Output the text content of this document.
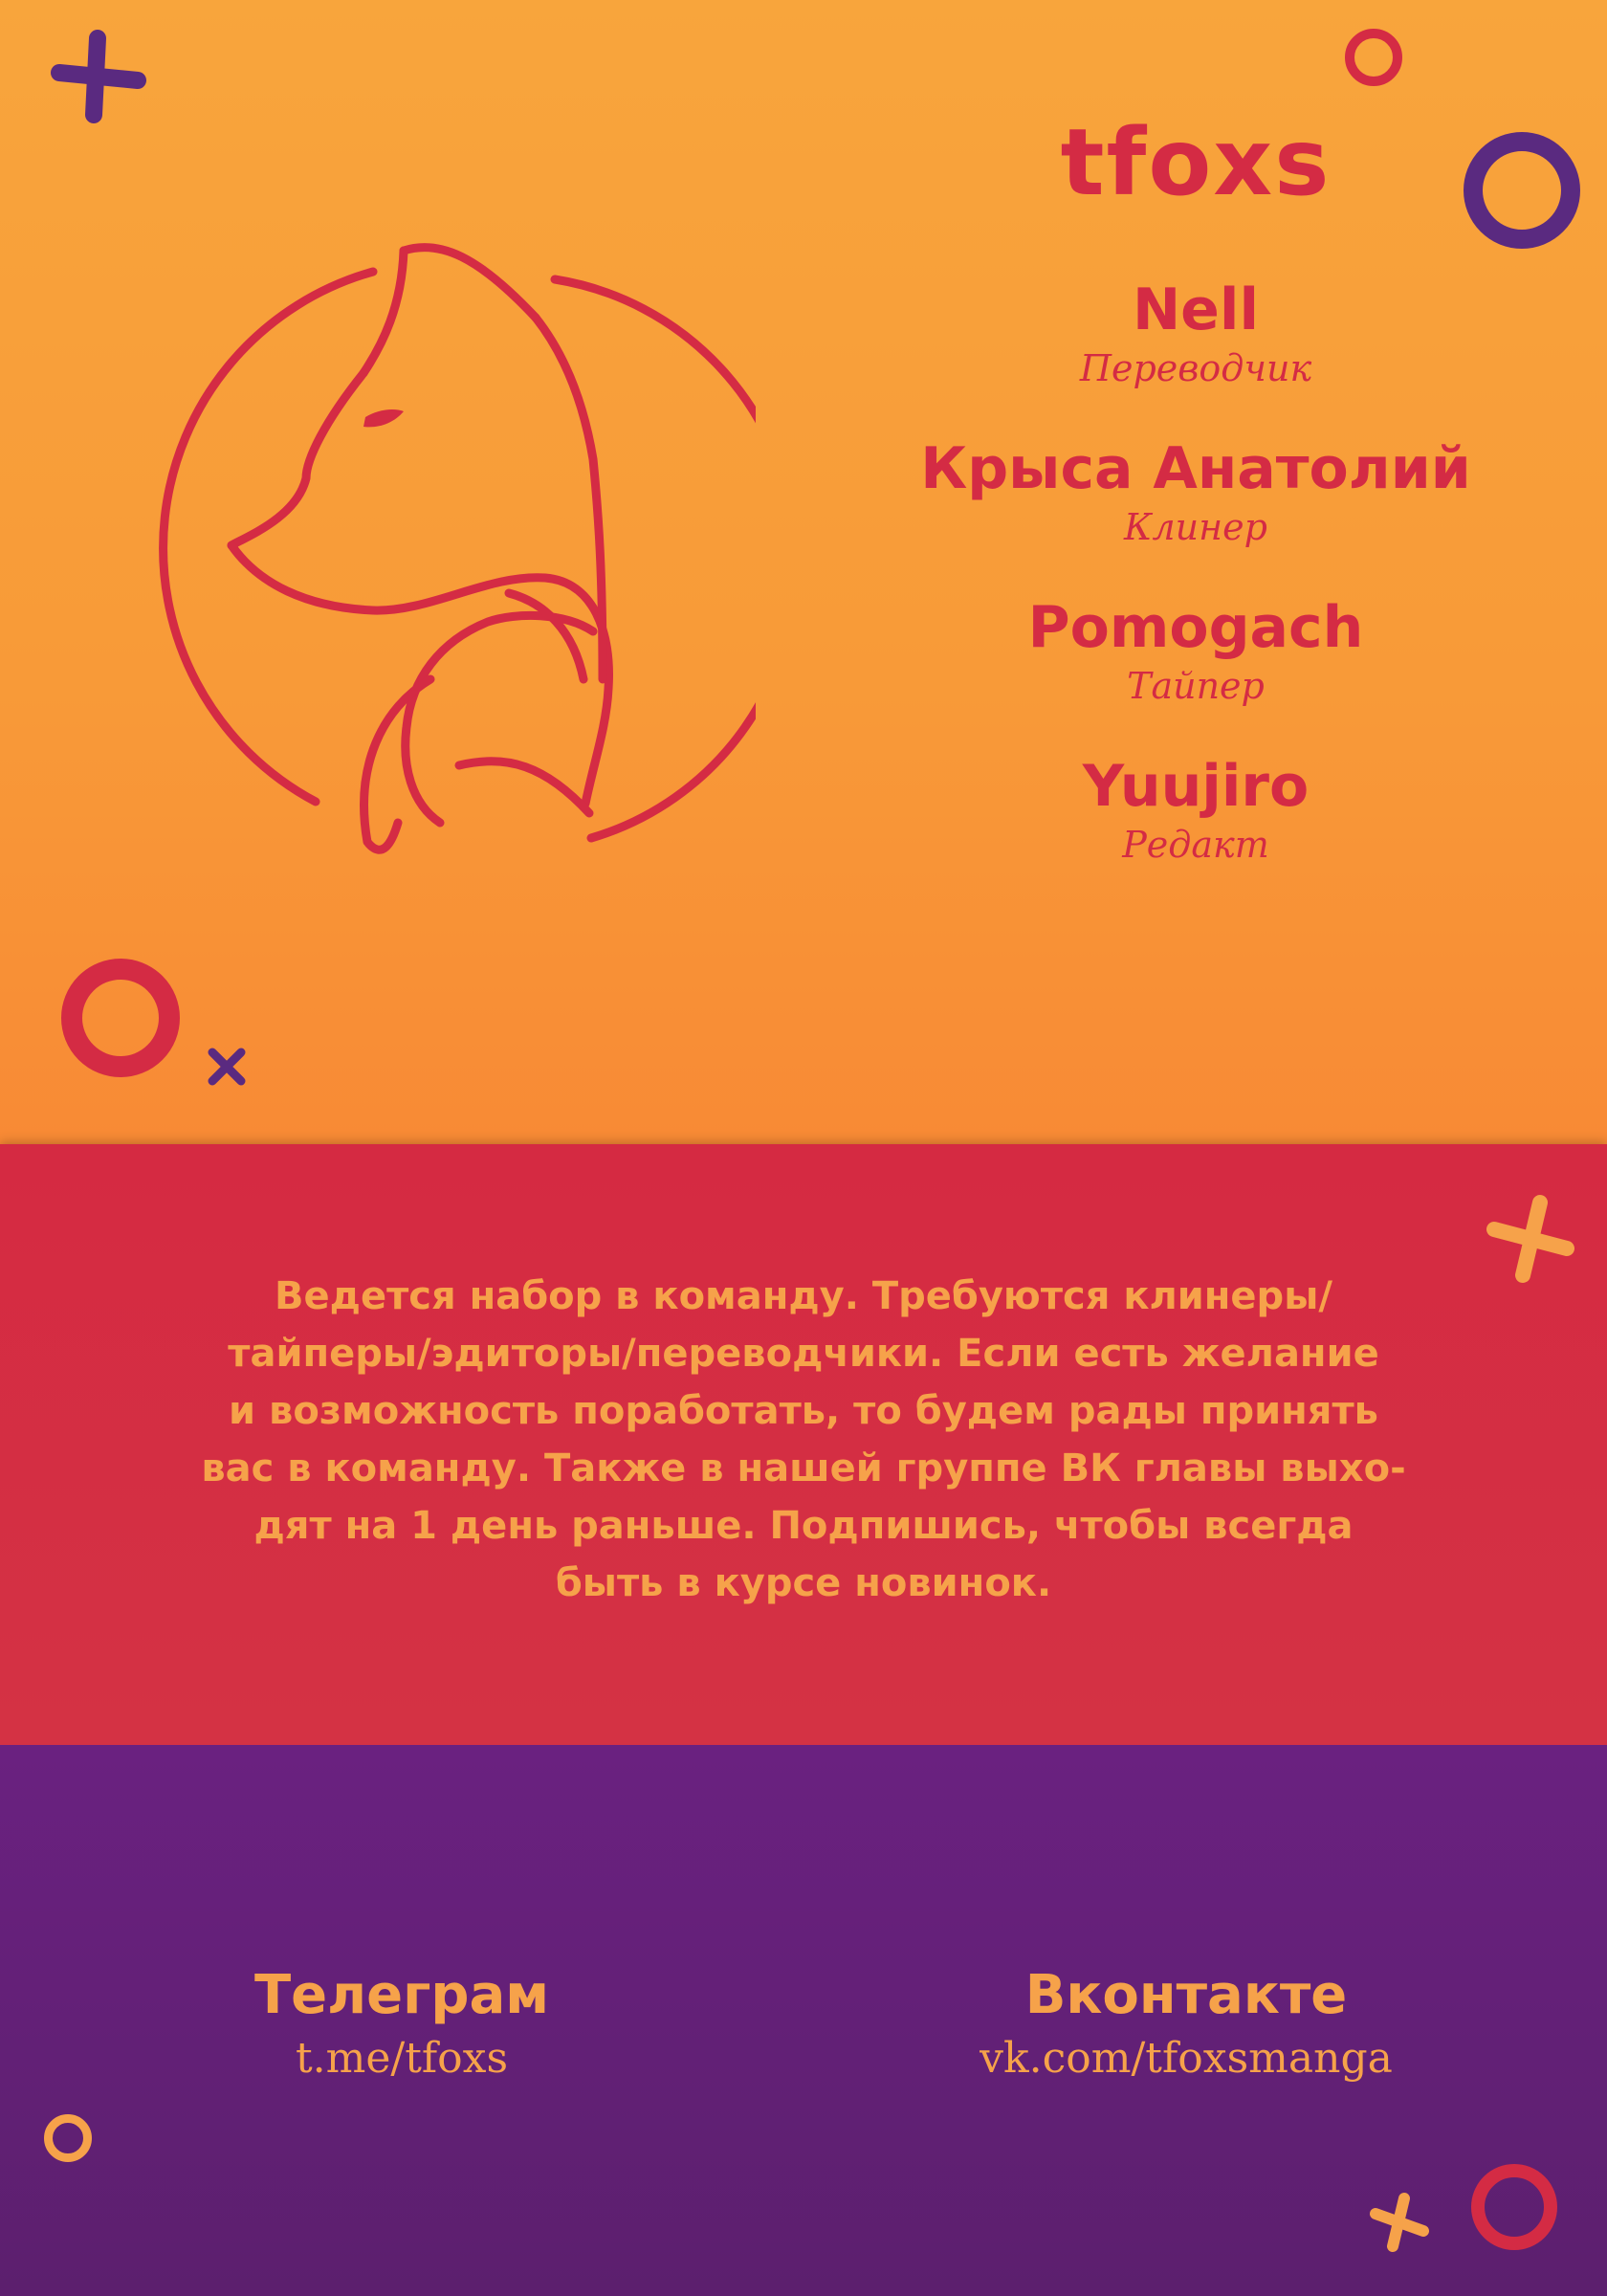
tfoxs
Nell
Переводчик
Крыса Анатолий
Клинер
Pomogach
Тайпер
Yuujiro
Редакт
Ведется набор в команду. Требуются клинеры/
тайперы/эдиторы/переводчики. Если есть желание
и возможность поработать, то будем рады принять
вас в команду. Также в нашей группе ВК главы выхо-
дят на 1 день раньше. Подпишись, чтобы всегда
быть в курсе новинок.
Телеграм
t.me/tfoxs
Вконтакте
vk.com/tfoxsmanga
